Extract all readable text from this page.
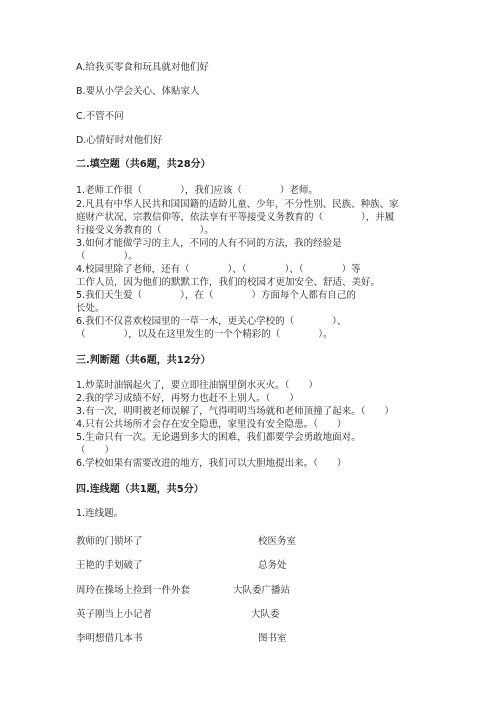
A.给我买零食和玩具就对他们好
B.要从小学会关心、体贴家人
C.不管不问
D.心情好时对他们好
二.填空题（共6题，共28分）
1.老师工作很（　　　　），我们应该（　　　　）老师。
2.凡具有中华人民共和国国籍的适龄儿童、少年，不分性别、民族、种族、家
庭财产状况、宗教信仰等，依法享有平等接受义务教育的（　　　　），并履
行接受义务教育的（　　　　）。
3.如何才能做学习的主人，不同的人有不同的方法，我的经验是
（　　　　）。
4.校园里除了老师，还有（　　　　）、（　　　　）、（　　　　）等
工作人员，因为他们的默默工作，我们的校园才更加安全、舒适、美好。
5.我们天生爱（　　　　），在（　　　　）方面每个人都有自己的
长处。
6.我们不仅喜欢校园里的一草一木，更关心学校的（　　　　）、
（　　　　），以及在这里发生的一个个精彩的（　　　　）。
三.判断题（共6题，共12分）
1.炒菜时油锅起火了，要立即往油锅里倒水灭火。（　　）
2.我的学习成绩不好，再努力也赶不上别人。（　　）
3.有一次，明明被老师误解了，气得明明当场就和老师顶撞了起来。（　　）
4.只有公共场所才会存在安全隐患，家里没有安全隐患。（　　）
5.生命只有一次。无论遇到多大的困难，我们都要学会勇敢地面对。
（　　）
6.学校如果有需要改进的地方，我们可以大胆地提出来。（　　）
四.连线题（共1题，共5分）
1.连线题。
教师的门锁坏了	校医务室
王艳的手划破了	总务处
周玲在操场上捡到一件外套	大队委广播站
英子刚当上小记者	大队委
李明想借几本书	图书室
